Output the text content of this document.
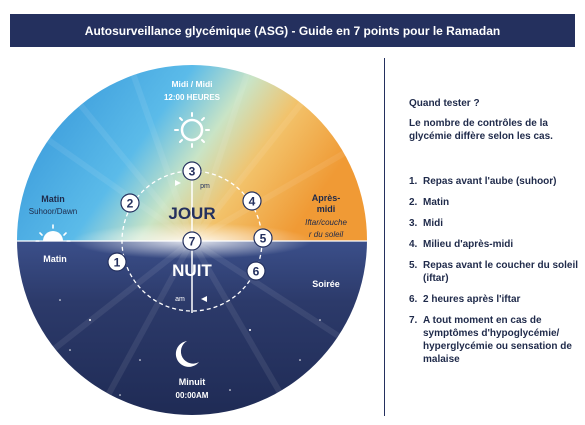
Autosurveillance glycémique (ASG) - Guide en 7 points pour le Ramadan
Midi / Midi
12:00 HEURES
Matin
Suhoor/Dawn
Matin
Après-
midi
Iftar/couche
r du soleil
Soirée
Minuit
00:00AM
JOUR
NUIT
pm
am
1
2
3
4
5
6
7
Quand tester ?
Le nombre de contrôles de la
glycémie diffère selon les cas.
1. Repas avant l'aube (suhoor)
2. Matin
3. Midi
4. Milieu d'après-midi
5. Repas avant le coucher du soleil (iftar)
6. 2 heures après l'iftar
7. A tout moment en cas de symptômes d'hypoglycémie/ hyperglycémie ou sensation de malaise
